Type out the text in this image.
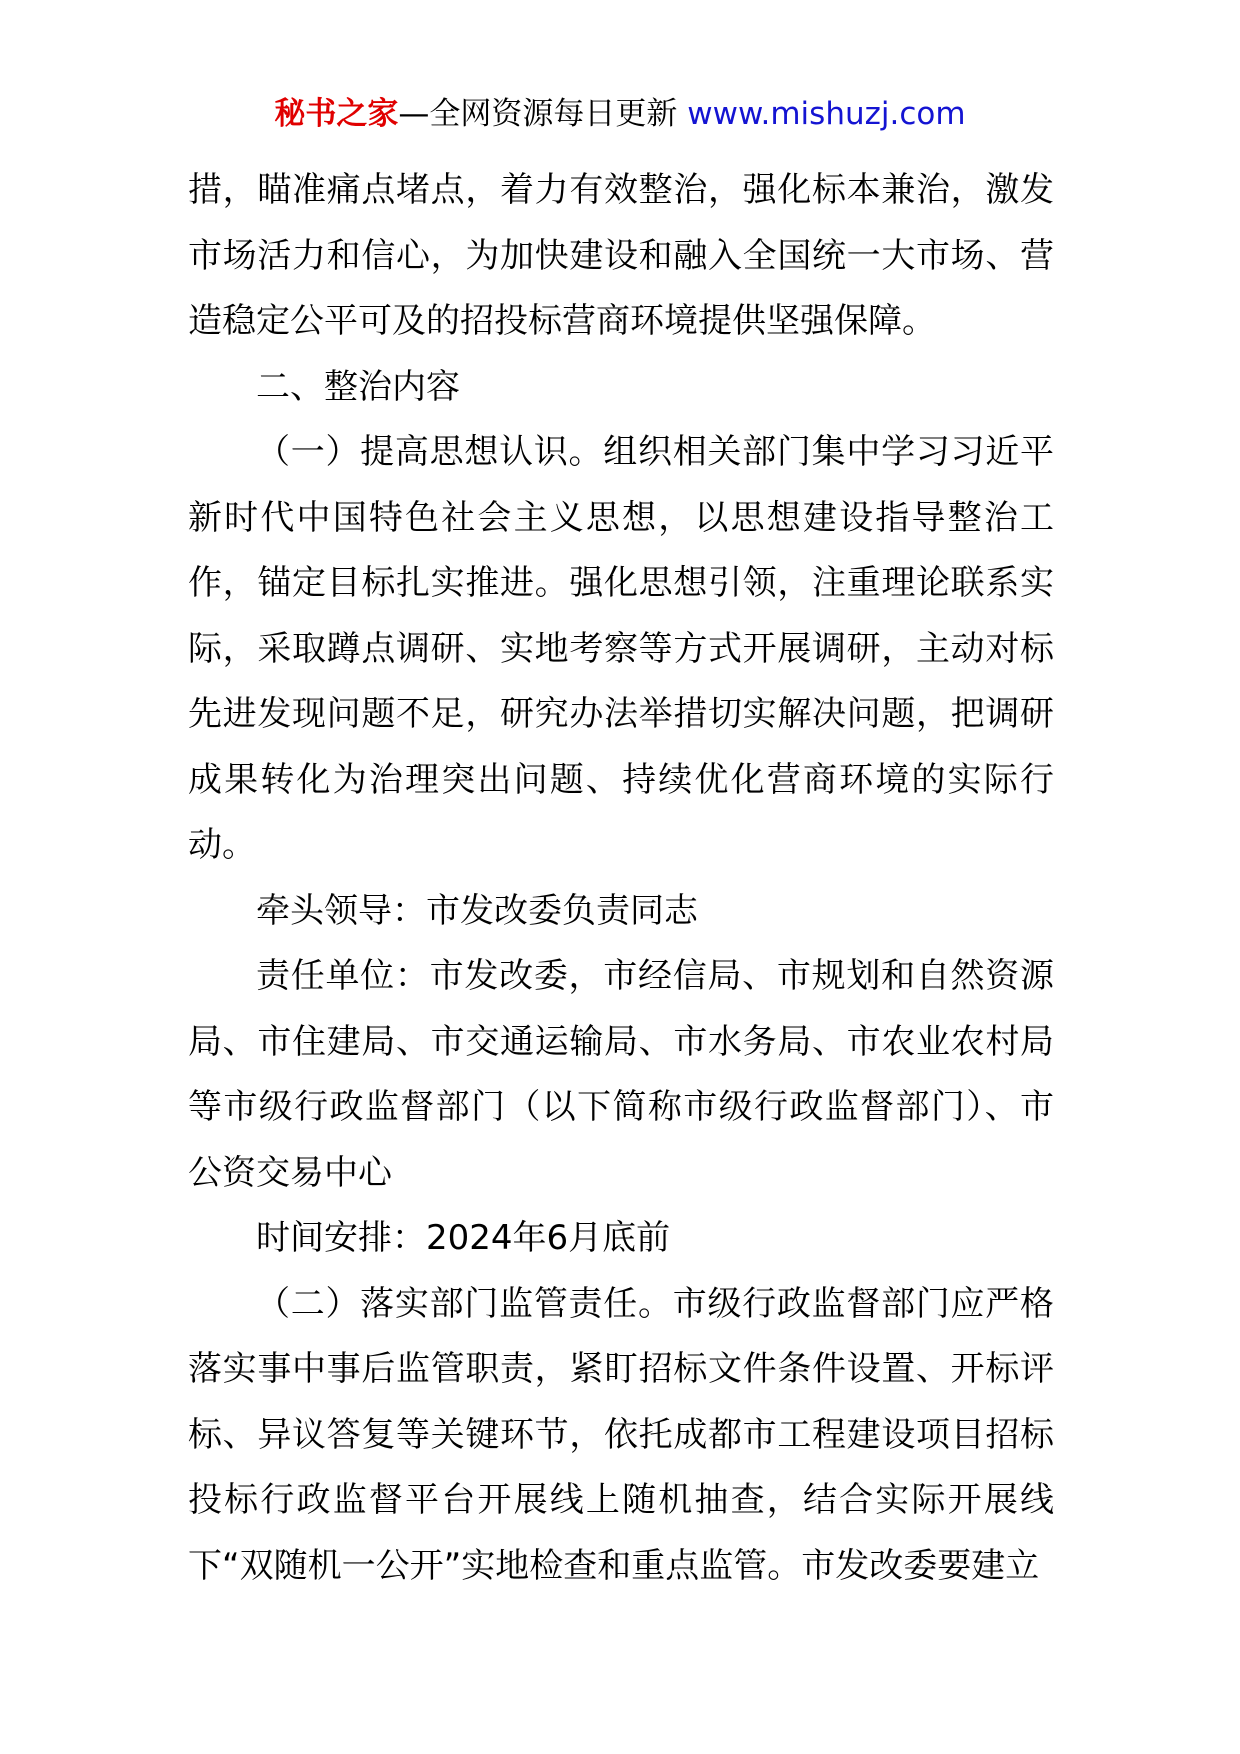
秘书之家—全网资源每日更新 www.mishuzj.com

措，瞄准痛点堵点，着力有效整治，强化标本兼治，激发市场活力和信心，为加快建设和融入全国统一大市场、营造稳定公平可及的招投标营商环境提供坚强保障。

二、整治内容

（一）提高思想认识。组织相关部门集中学习习近平新时代中国特色社会主义思想，以思想建设指导整治工作，锚定目标扎实推进。强化思想引领，注重理论联系实际，采取蹲点调研、实地考察等方式开展调研，主动对标先进发现问题不足，研究办法举措切实解决问题，把调研成果转化为治理突出问题、持续优化营商环境的实际行动。

牵头领导：市发改委负责同志

责任单位：市发改委，市经信局、市规划和自然资源局、市住建局、市交通运输局、市水务局、市农业农村局等市级行政监督部门（以下简称市级行政监督部门）、市公资交易中心

时间安排：2024年6月底前

（二）落实部门监管责任。市级行政监督部门应严格落实事中事后监管职责，紧盯招标文件条件设置、开标评标、异议答复等关键环节，依托成都市工程建设项目招标投标行政监督平台开展线上随机抽查，结合实际开展线下“双随机一公开”实地检查和重点监管。市发改委要建立
